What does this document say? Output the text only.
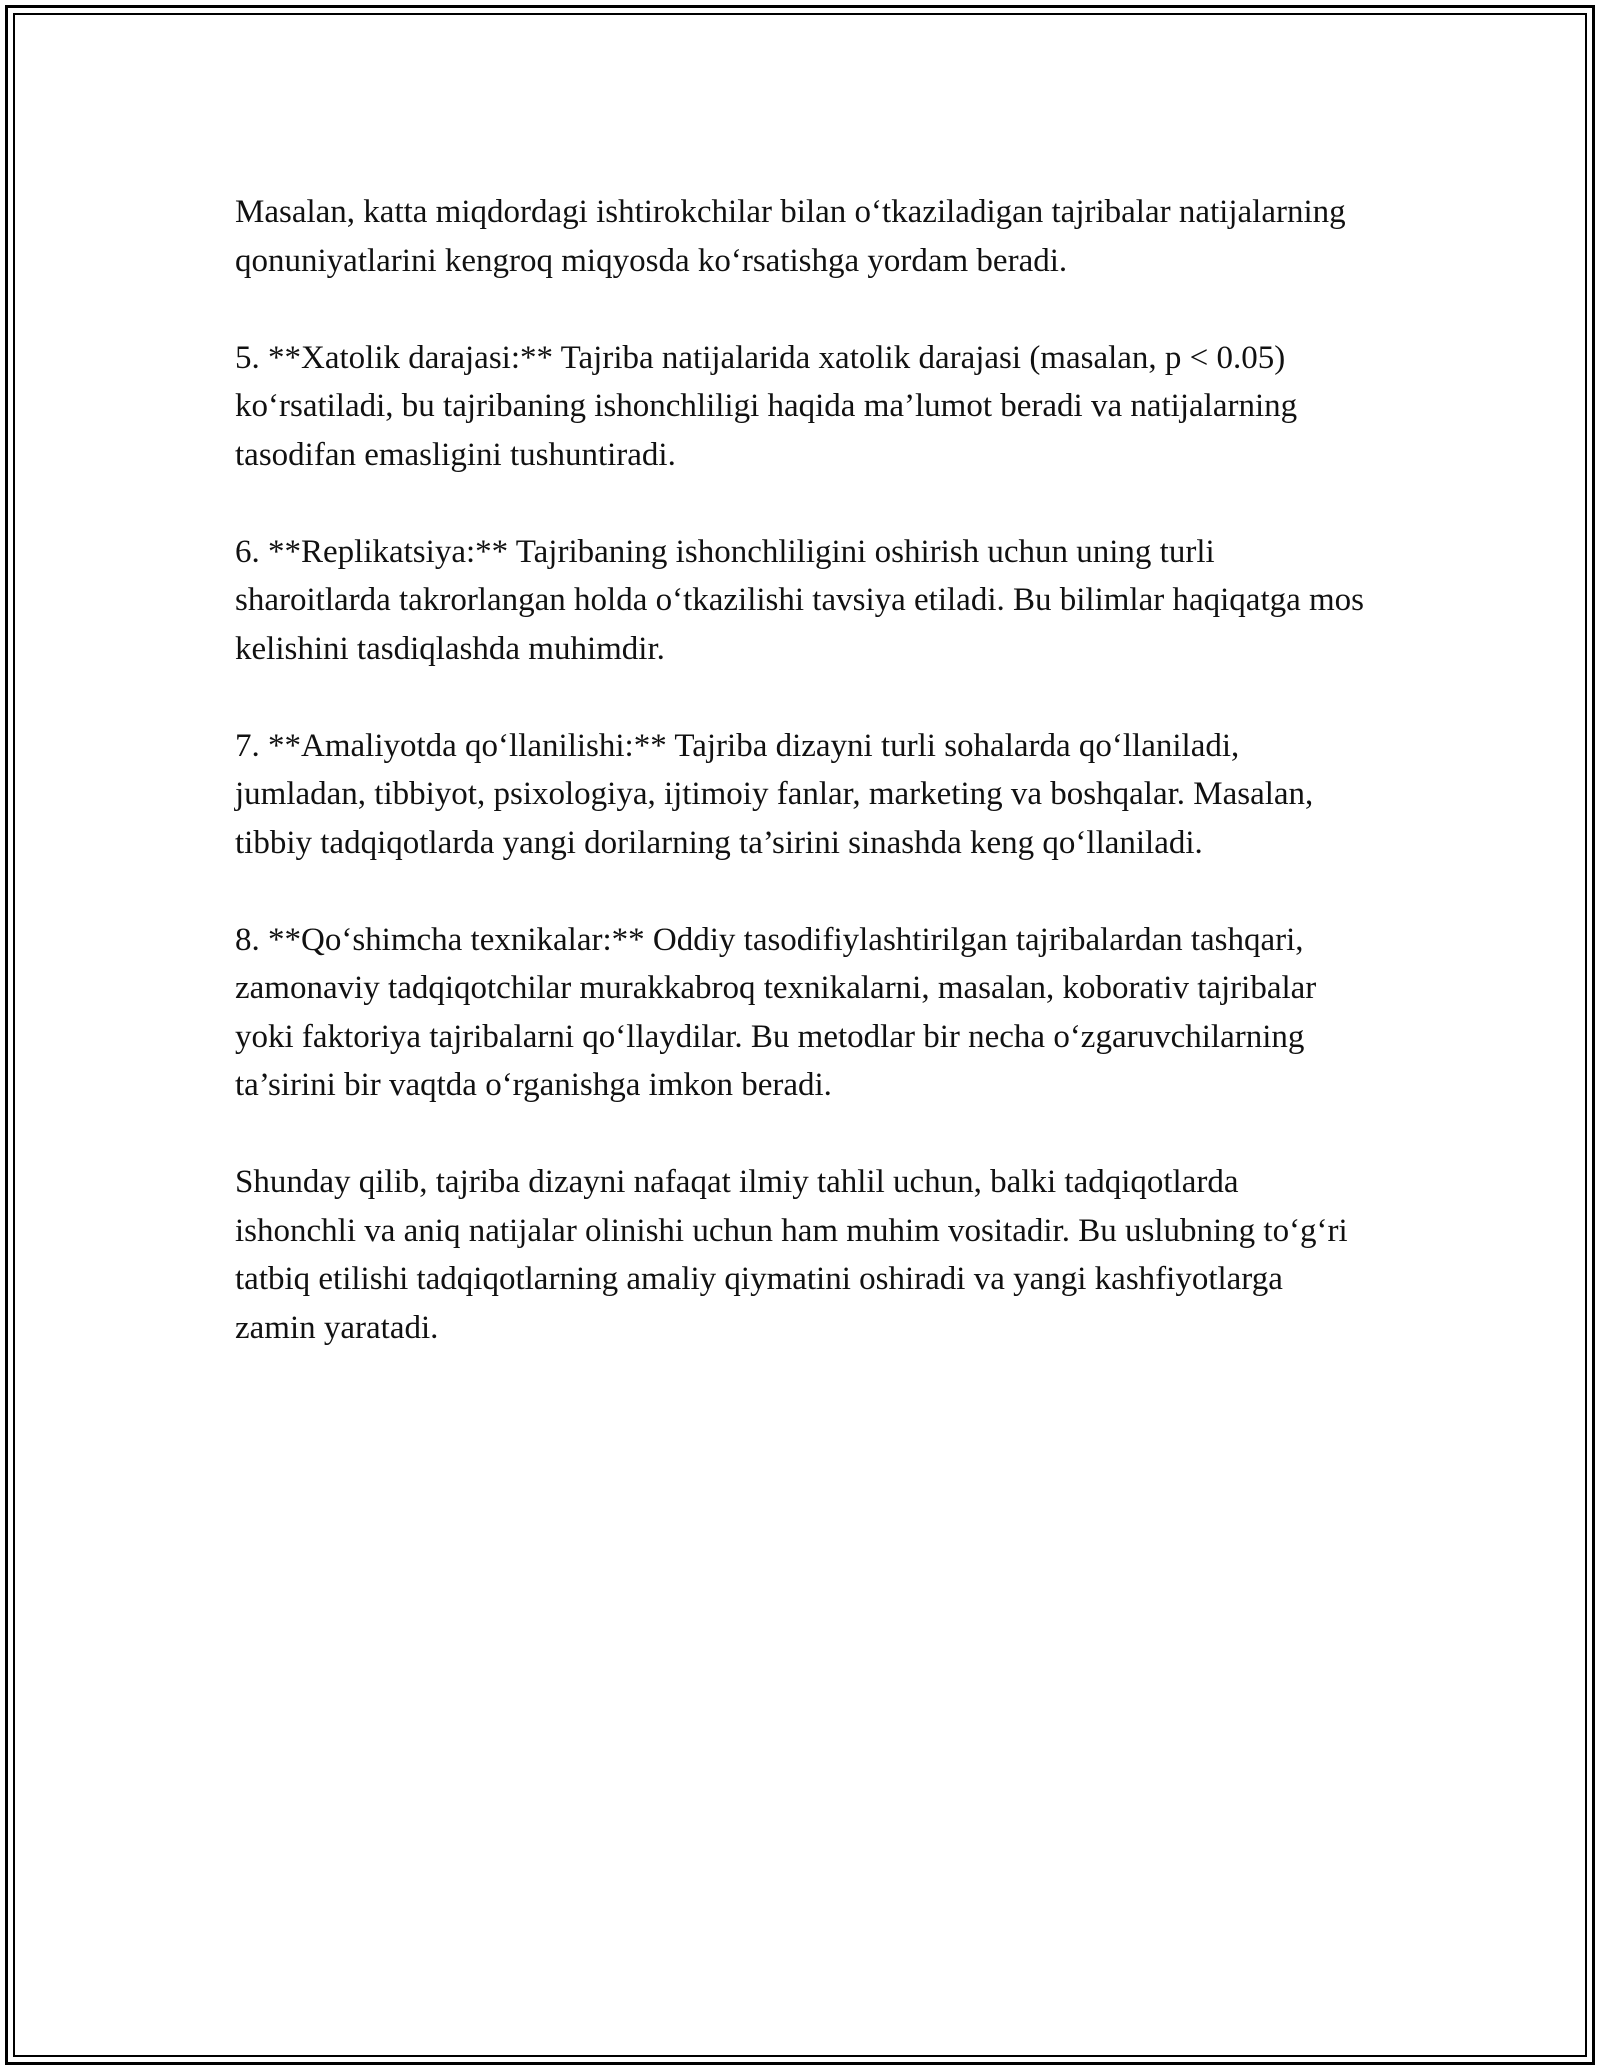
Masalan, katta miqdordagi ishtirokchilar bilan o‘tkaziladigan tajribalar natijalarning qonuniyatlarini kengroq miqyosda ko‘rsatishga yordam beradi.

5. **Xatolik darajasi:** Tajriba natijalarida xatolik darajasi (masalan, p < 0.05) ko‘rsatiladi, bu tajribaning ishonchliligi haqida ma’lumot beradi va natijalarning tasodifan emasligini tushuntiradi.

6. **Replikatsiya:** Tajribaning ishonchliligini oshirish uchun uning turli sharoitlarda takrorlangan holda o‘tkazilishi tavsiya etiladi. Bu bilimlar haqiqatga mos kelishini tasdiqlashda muhimdir.

7. **Amaliyotda qo‘llanilishi:** Tajriba dizayni turli sohalarda qo‘llaniladi, jumladan, tibbiyot, psixologiya, ijtimoiy fanlar, marketing va boshqalar. Masalan, tibbiy tadqiqotlarda yangi dorilarning ta’sirini sinashda keng qo‘llaniladi.

8. **Qo‘shimcha texnikalar:** Oddiy tasodifiylashtirilgan tajribalardan tashqari, zamonaviy tadqiqotchilar murakkabroq texnikalarni, masalan, koborativ tajribalar yoki faktoriya tajribalarni qo‘llaydilar. Bu metodlar bir necha o‘zgaruvchilarning ta’sirini bir vaqtda o‘rganishga imkon beradi.

Shunday qilib, tajriba dizayni nafaqat ilmiy tahlil uchun, balki tadqiqotlarda ishonchli va aniq natijalar olinishi uchun ham muhim vositadir. Bu uslubning to‘g‘ri tatbiq etilishi tadqiqotlarning amaliy qiymatini oshiradi va yangi kashfiyotlarga zamin yaratadi.
